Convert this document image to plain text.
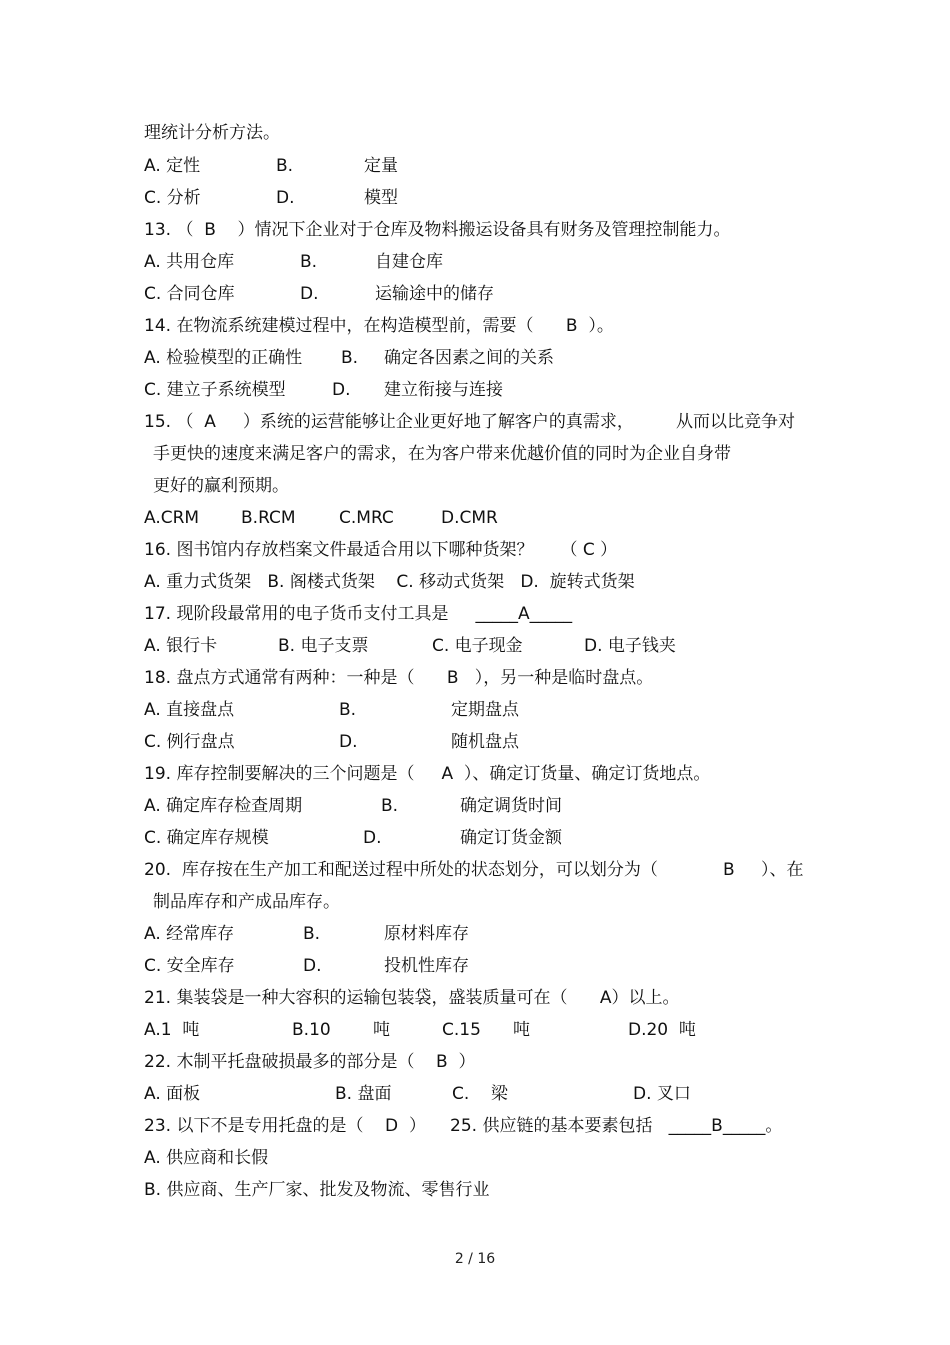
理统计分析方法。
A. 定性	B.	定量
C. 分析	D.	模型
13. （  B    ）情况下企业对于仓库及物料搬运设备具有财务及管理控制能力。
A. 共用仓库	B.	自建仓库
C. 合同仓库	D.	运输途中的储存
14. 在物流系统建模过程中，在构造模型前，需要（      B  ）。
A. 检验模型的正确性 B. 确定各因素之间的关系
C. 建立子系统模型	D. 建立衔接与连接
15. （  A     ）系统的运营能够让企业更好地了解客户的真需求， 从而以比竞争对
手更快的速度来满足客户的需求，在为客户带来优越价值的同时为企业自身带
更好的赢利预期。
A.CRM B.RCM	C.MRC	D.CMR
16. 图书馆内存放档案文件最适合用以下哪种货架？     （ C ）
A. 重力式货架   B. 阁楼式货架    C. 移动式货架   D.  旋转式货架
17. 现阶段最常用的电子货币支付工具是     _____A_____
A. 银行卡	B. 电子支票	C. 电子现金	D. 电子钱夹
18. 盘点方式通常有两种：一种是（      B   ），另一种是临时盘点。
A. 直接盘点	B.	定期盘点
C. 例行盘点	D.	随机盘点
19. 库存控制要解决的三个问题是（     A  ）、确定订货量、确定订货地点。
A. 确定库存检查周期	B.	确定调货时间
C. 确定库存规模	D.	确定订货金额
20.  库存按在生产加工和配送过程中所处的状态划分，可以划分为（	B ）、在
制品库存和产成品库存。
A. 经常库存	B.	原材料库存
C. 安全库存	D.	投机性库存
21. 集装袋是一种大容积的运输包装袋，盛装质量可在（      A）以上。
A.1  吨	B.10 吨	C.15 吨	D.20  吨
22. 木制平托盘破损最多的部分是（    B  ）
A. 面板	B. 盘面	C.    梁	D. 叉口
23. 以下不是专用托盘的是（    D  ） 25. 供应链的基本要素包括   _____B_____。
A. 供应商和长假
B. 供应商、生产厂家、批发及物流、零售行业
2 / 16
